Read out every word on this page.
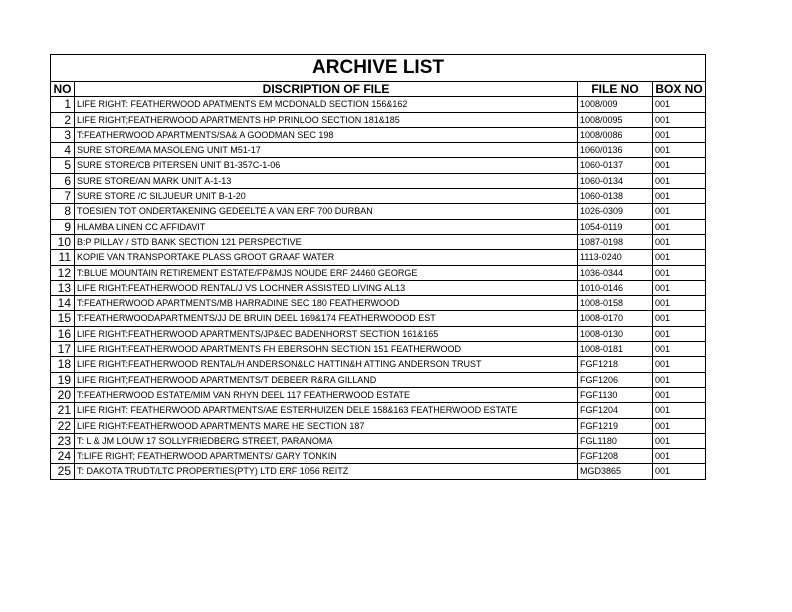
ARCHIVE LIST			
NO	DISCRIPTION OF FILE	FILE NO	BOX NO
1	LIFE RIGHT: FEATHERWOOD APATMENTS EM MCDONALD SECTION 156&162	1008/009	001
2	LIFE RIGHT;FEATHERWOOD APARTMENTS HP PRINLOO SECTION 181&185	1008/0095	001
3	T:FEATHERWOOD APARTMENTS/SA& A GOODMAN SEC 198	1008/0086	001
4	SURE STORE/MA MASOLENG UNIT M51-17	1060/0136	001
5	SURE STORE/CB PITERSEN UNIT B1-357C-1-06	1060-0137	001
6	SURE STORE/AN MARK UNIT A-1-13	1060-0134	001
7	SURE STORE /C SILJUEUR UNIT B-1-20	1060-0138	001
8	TOESIEN TOT ONDERTAKENING GEDEELTE A VAN ERF 700 DURBAN	1026-0309	001
9	HLAMBA LINEN CC AFFIDAVIT	1054-0119	001
10	B:P PILLAY / STD BANK SECTION 121 PERSPECTIVE	1087-0198	001
11	KOPIE VAN TRANSPORTAKE PLASS GROOT GRAAF WATER	1113-0240	001
12	T:BLUE MOUNTAIN RETIREMENT ESTATE/FP&MJS NOUDE ERF 24460 GEORGE	1036-0344	001
13	LIFE RIGHT:FEATHERWOOD RENTAL/J VS LOCHNER ASSISTED LIVING AL13	1010-0146	001
14	T:FEATHERWOOD APARTMENTS/MB HARRADINE SEC 180 FEATHERWOOD	1008-0158	001
15	T:FEATHERWOODAPARTMENTS/JJ DE BRUIN DEEL 169&174 FEATHERWOOOD EST	1008-0170	001
16	LIFE RIGHT:FEATHERWOOD APARTMENTS/JP&EC BADENHORST SECTION 161&165	1008-0130	001
17	LIFE RIGHT:FEATHERWOOD APARTMENTS FH EBERSOHN SECTION 151 FEATHERWOOD	1008-0181	001
18	LIFE RIGHT:FEATHERWOOD RENTAL/H ANDERSON&LC HATTIN&H ATTING ANDERSON TRUST	FGF1218	001
19	LIFE RIGHT;FEATHERWOOD APARTMENTS/T DEBEER R&RA GILLAND	FGF1206	001
20	T:FEATHERWOOD ESTATE/MIM VAN RHYN DEEL 117 FEATHERWOOD ESTATE	FGF1130	001
21	LIFE RIGHT: FEATHERWOOD APARTMENTS/AE ESTERHUIZEN DELE 158&163 FEATHERWOOD ESTATE	FGF1204	001
22	LIFE RIGHT:FEATHERWOOD APARTMENTS MARE HE SECTION 187	FGF1219	001
23	T: L & JM LOUW 17 SOLLYFRIEDBERG STREET, PARANOMA	FGL1180	001
24	T:LIFE RIGHT; FEATHERWOOD APARTMENTS/ GARY TONKIN	FGF1208	001
25	T: DAKOTA TRUDT/LTC PROPERTIES(PTY) LTD ERF 1056 REITZ	MGD3865	001
